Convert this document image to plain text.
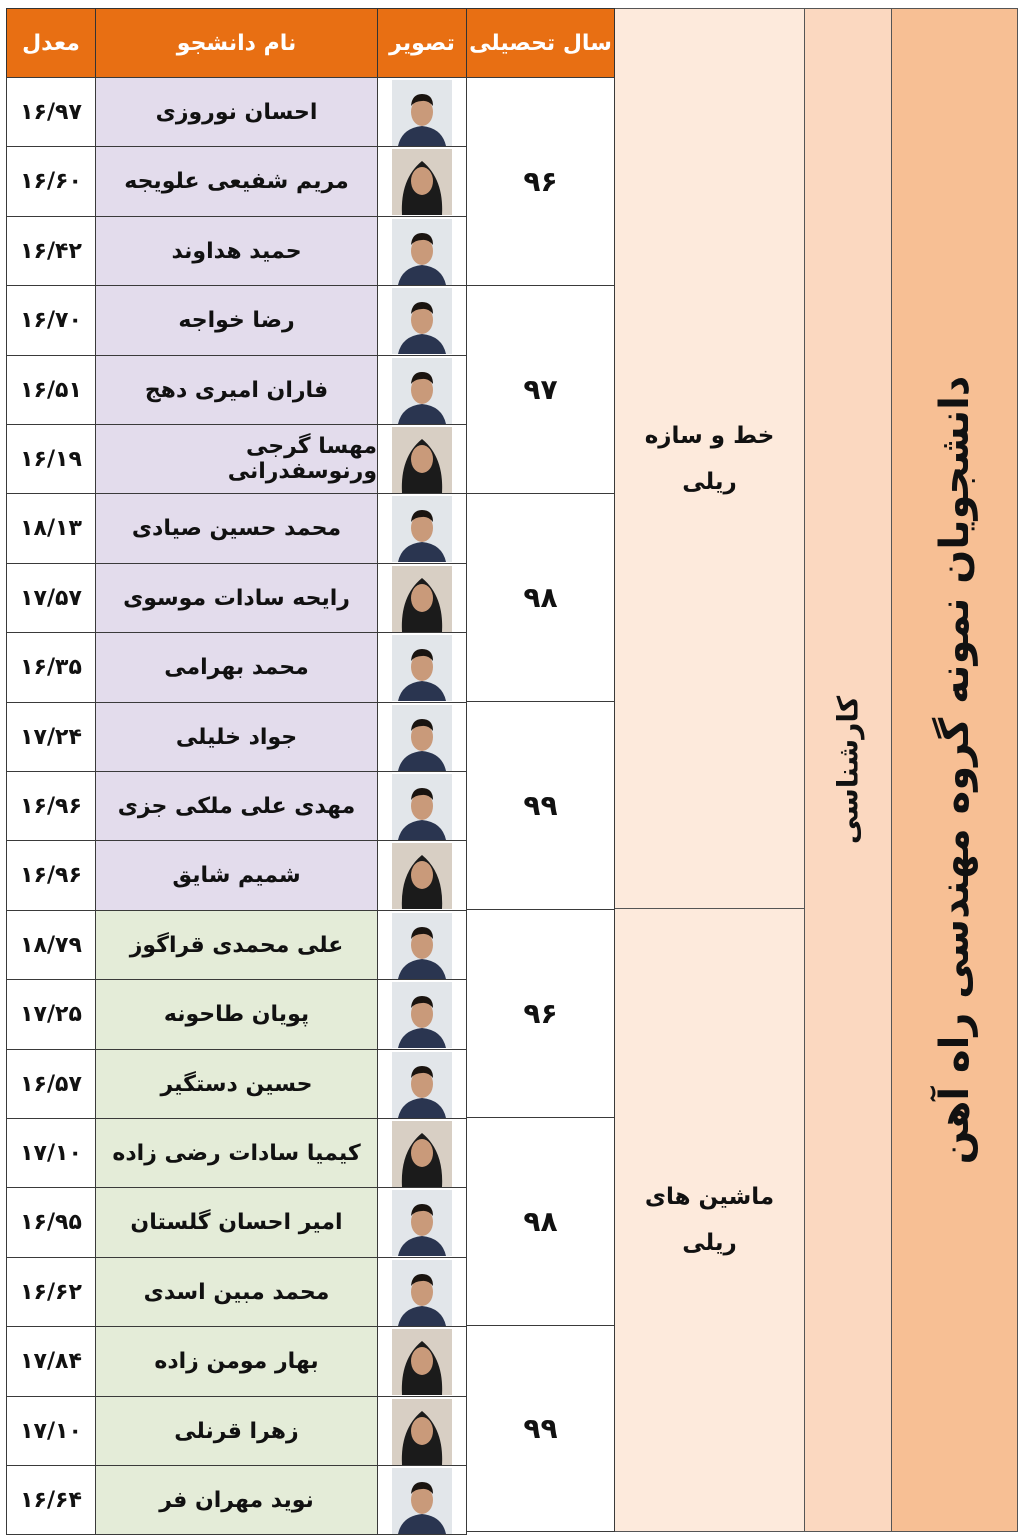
دانشجویان نمونه گروه مهندسی راه آهن
کارشناسی
خط و سازه ریلی
ماشین های ریلی
سال تحصیلی
تصویر
نام دانشجو
معدل
۹۶
۹۷
۹۸
۹۹
۹۶
۹۸
۹۹
احسان نوروزی
۱۶/۹۷
مریم شفیعی علویجه
۱۶/۶۰
حمید هداوند
۱۶/۴۲
رضا خواجه
۱۶/۷۰
فاران امیری دهج
۱۶/۵۱
مهسا گرجی ورنوسفدرانی
۱۶/۱۹
محمد حسین صیادی
۱۸/۱۳
رایحه سادات موسوی
۱۷/۵۷
محمد بهرامی
۱۶/۳۵
جواد خلیلی
۱۷/۲۴
مهدی علی ملکی جزی
۱۶/۹۶
شمیم شایق
۱۶/۹۶
علی محمدی قراگوز
۱۸/۷۹
پویان طاحونه
۱۷/۲۵
حسین دستگیر
۱۶/۵۷
کیمیا سادات رضی زاده
۱۷/۱۰
امیر احسان گلستان
۱۶/۹۵
محمد مبین اسدی
۱۶/۶۲
بهار مومن زاده
۱۷/۸۴
زهرا قرنلی
۱۷/۱۰
نوید مهران فر
۱۶/۶۴
